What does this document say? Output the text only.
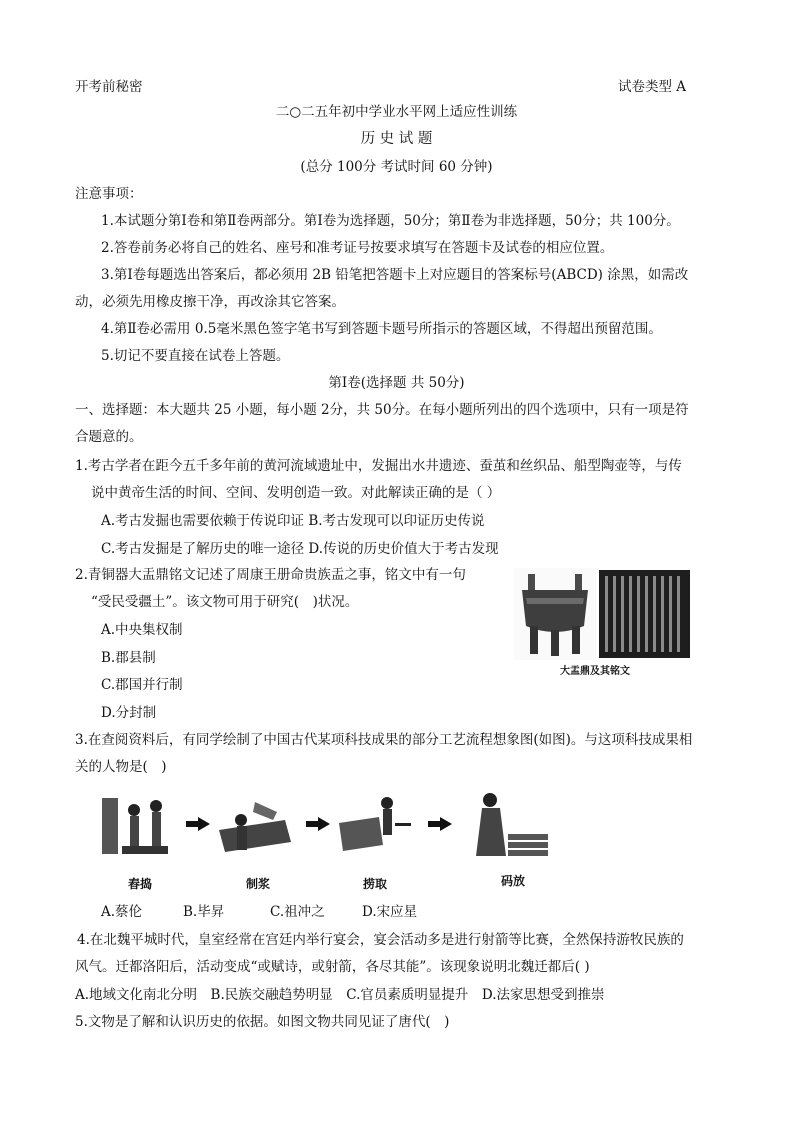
开考前秘密	试卷类型 A
二○二五年初中学业水平网上适应性训练
历 史 试 题
(总分 100分 考试时间 60 分钟)
注意事项：
1.本试题分第Ⅰ卷和第Ⅱ卷两部分。第Ⅰ卷为选择题，50分；第Ⅱ卷为非选择题，50分；共 100分。
2.答卷前务必将自己的姓名、座号和准考证号按要求填写在答题卡及试卷的相应位置。
3.第Ⅰ卷每题选出答案后，都必须用 2B 铅笔把答题卡上对应题目的答案标号(ABCD) 涂黑，如需改
动，必须先用橡皮擦干净，再改涂其它答案。
4.第Ⅱ卷必需用 0.5毫米黑色签字笔书写到答题卡题号所指示的答题区域，不得超出预留范围。
5.切记不要直接在试卷上答题。
第Ⅰ卷(选择题 共 50分)
一、选择题：本大题共 25 小题，每小题 2分，共 50分。在每小题所列出的四个选项中，只有一项是符
合题意的。
1.考古学者在距今五千多年前的黄河流域遗址中，发掘出水井遗迹、蚕茧和丝织品、船型陶壶等，与传
说中黄帝生活的时间、空间、发明创造一致。对此解读正确的是（ ）
A.考古发掘也需要依赖于传说印证 B.考古发现可以印证历史传说
C.考古发掘是了解历史的唯一途径 D.传说的历史价值大于考古发现
2.青铜器大盂鼎铭文记述了周康王册命贵族盂之事，铭文中有一句
“受民受疆土”。该文物可用于研究(　)状况。
A.中央集权制
B.郡县制
C.郡国并行制
D.分封制
大盂鼎及其铭文
3.在查阅资料后，有同学绘制了中国古代某项科技成果的部分工艺流程想象图(如图)。与这项科技成果相
关的人物是(　)
舂捣	制浆	捞取	码放
A.蔡伦	B.毕昇	C.祖冲之	D.宋应星
4.在北魏平城时代，皇室经常在宫廷内举行宴会，宴会活动多是进行射箭等比赛，全然保持游牧民族的
风气。迁都洛阳后，活动变成“或赋诗，或射箭，各尽其能”。该现象说明北魏迁都后( )
A.地域文化南北分明　B.民族交融趋势明显　C.官员素质明显提升　D.法家思想受到推崇
5.文物是了解和认识历史的依据。如图文物共同见证了唐代(　)
